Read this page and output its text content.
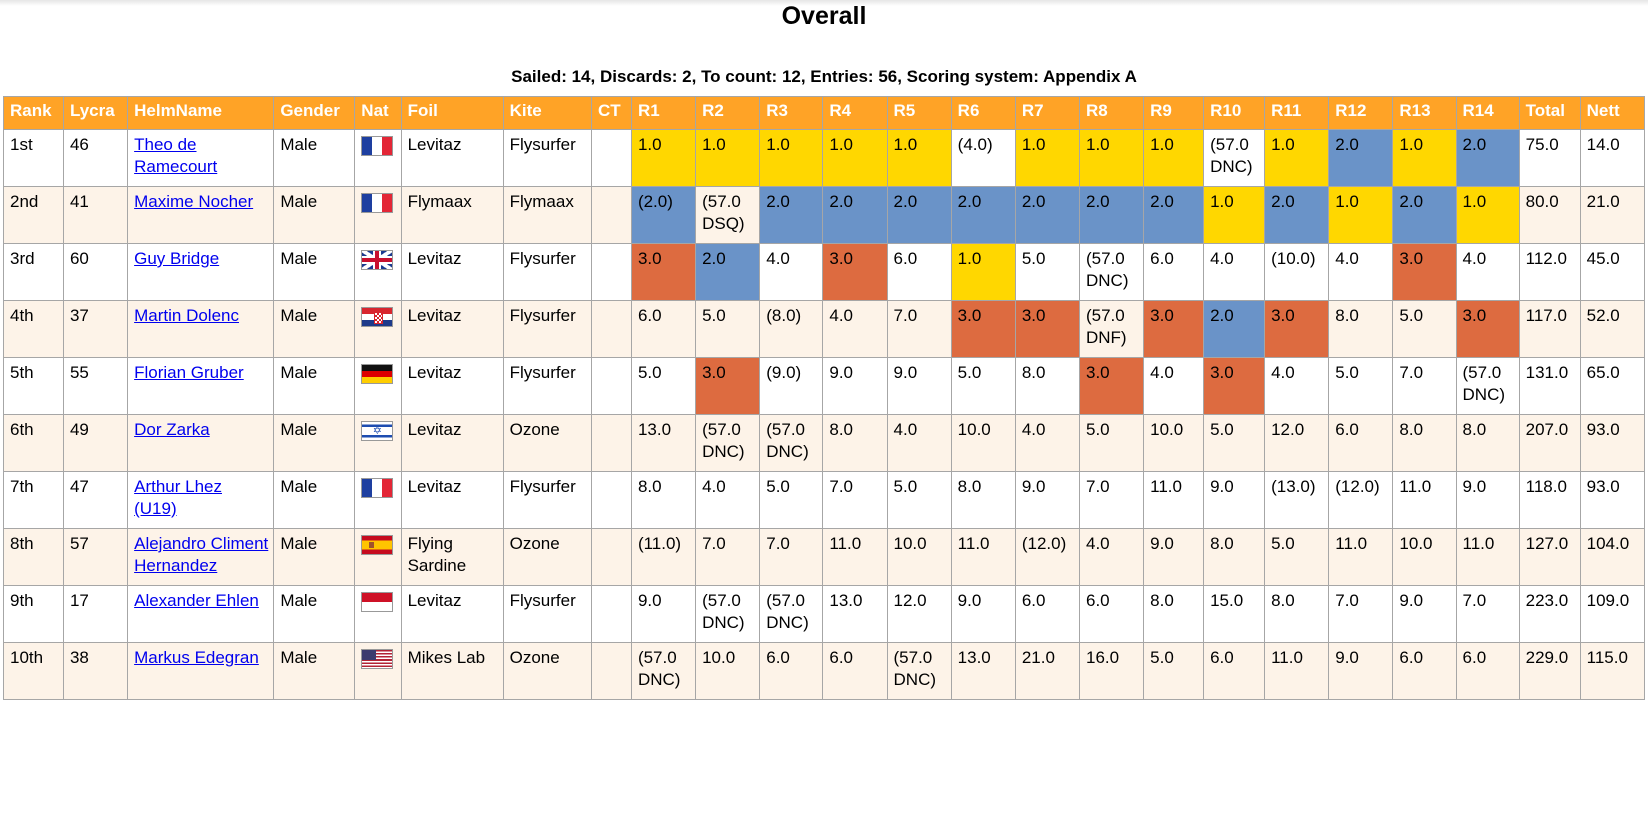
Overall
Sailed: 14, Discards: 2, To count: 12, Entries: 56, Scoring system: Appendix A
Rank	Lycra	HelmName	Gender	Nat	Foil	Kite	CT	R1	R2	R3	R4	R5	R6	R7	R8	R9	R10	R11	R12	R13	R14	Total	Nett
1st	46	Theo de Ramecourt	Male		Levitaz	Flysurfer		1.0	1.0	1.0	1.0	1.0	(4.0)	1.0	1.0	1.0	(57.0 DNC)	1.0	2.0	1.0	2.0	75.0	14.0
2nd	41	Maxime Nocher	Male		Flymaax	Flymaax		(2.0)	(57.0 DSQ)	2.0	2.0	2.0	2.0	2.0	2.0	2.0	1.0	2.0	1.0	2.0	1.0	80.0	21.0
3rd	60	Guy Bridge	Male		Levitaz	Flysurfer		3.0	2.0	4.0	3.0	6.0	1.0	5.0	(57.0 DNC)	6.0	4.0	(10.0)	4.0	3.0	4.0	112.0	45.0
4th	37	Martin Dolenc	Male		Levitaz	Flysurfer		6.0	5.0	(8.0)	4.0	7.0	3.0	3.0	(57.0 DNF)	3.0	2.0	3.0	8.0	5.0	3.0	117.0	52.0
5th	55	Florian Gruber	Male		Levitaz	Flysurfer		5.0	3.0	(9.0)	9.0	9.0	5.0	8.0	3.0	4.0	3.0	4.0	5.0	7.0	(57.0 DNC)	131.0	65.0
6th	49	Dor Zarka	Male	✡	Levitaz	Ozone		13.0	(57.0 DNC)	(57.0 DNC)	8.0	4.0	10.0	4.0	5.0	10.0	5.0	12.0	6.0	8.0	8.0	207.0	93.0
7th	47	Arthur Lhez (U19)	Male		Levitaz	Flysurfer		8.0	4.0	5.0	7.0	5.0	8.0	9.0	7.0	11.0	9.0	(13.0)	(12.0)	11.0	9.0	118.0	93.0
8th	57	Alejandro Climent Hernandez	Male		Flying Sardine	Ozone		(11.0)	7.0	7.0	11.0	10.0	11.0	(12.0)	4.0	9.0	8.0	5.0	11.0	10.0	11.0	127.0	104.0
9th	17	Alexander Ehlen	Male		Levitaz	Flysurfer		9.0	(57.0 DNC)	(57.0 DNC)	13.0	12.0	9.0	6.0	6.0	8.0	15.0	8.0	7.0	9.0	7.0	223.0	109.0
10th	38	Markus Edegran	Male		Mikes Lab	Ozone		(57.0 DNC)	10.0	6.0	6.0	(57.0 DNC)	13.0	21.0	16.0	5.0	6.0	11.0	9.0	6.0	6.0	229.0	115.0
